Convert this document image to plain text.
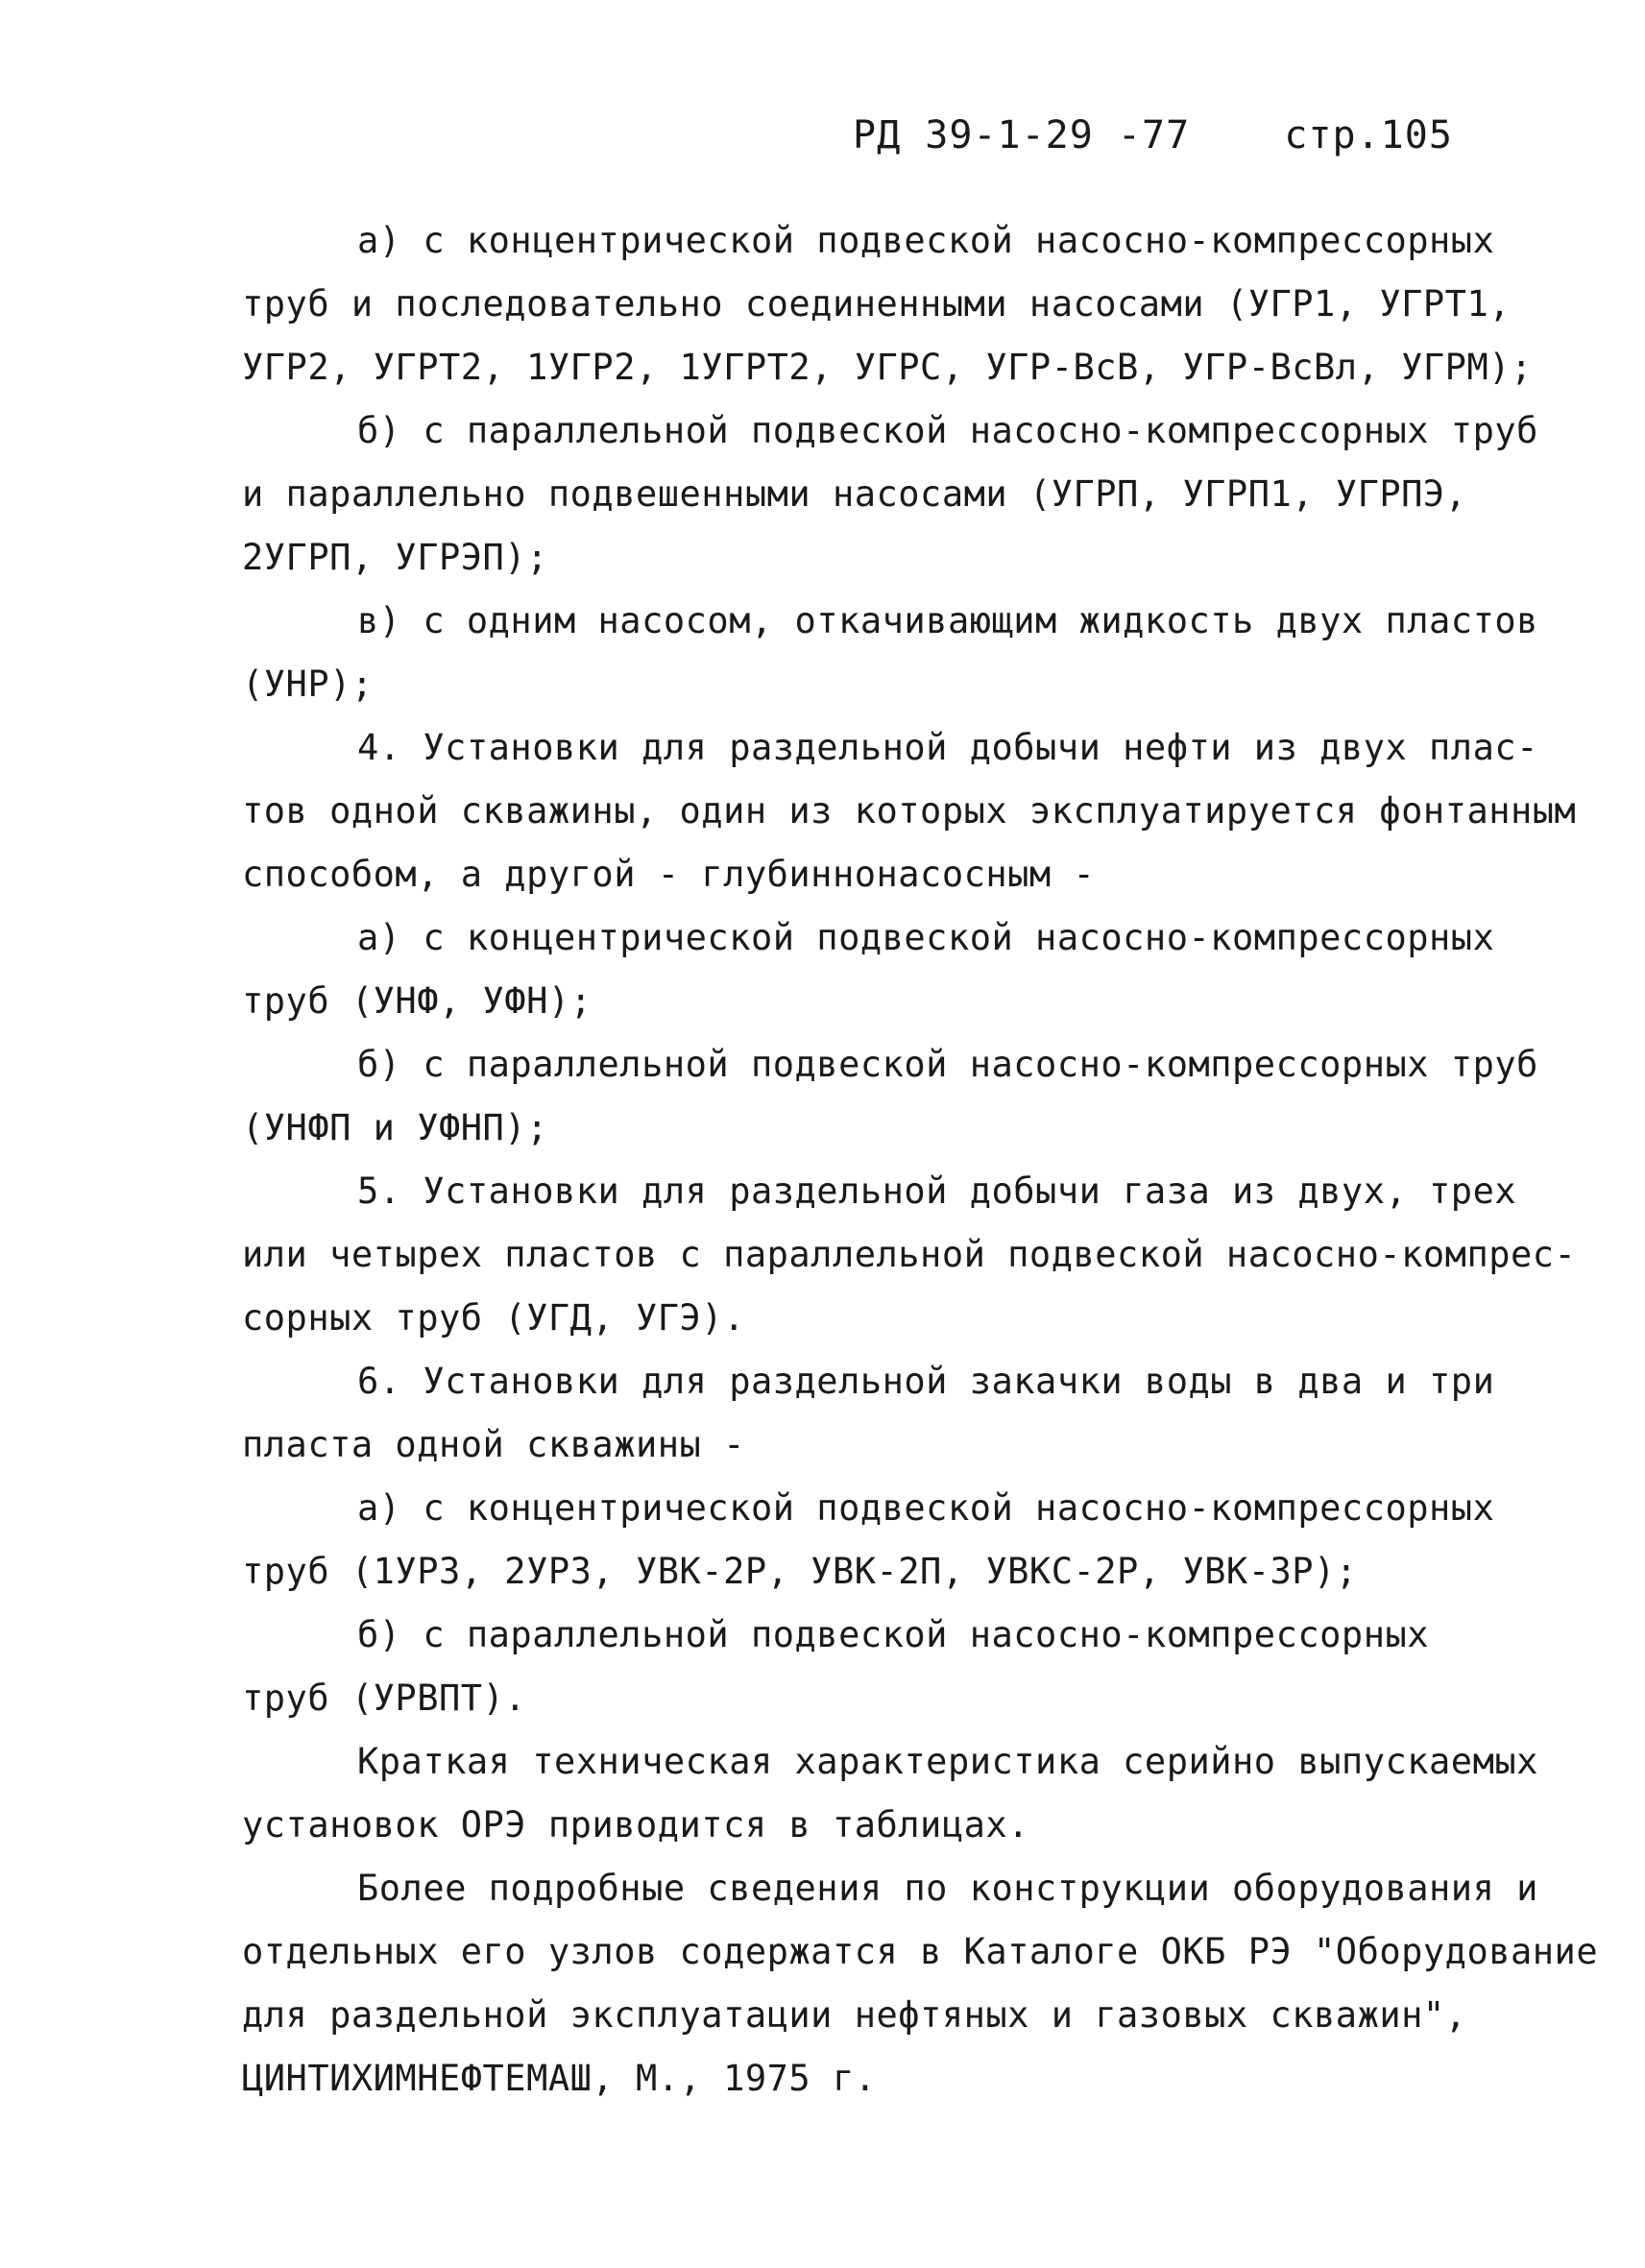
РД 39-1-29 -77 стр.105
а) с концентрической подвеской насосно-компрессорных
труб и последовательно соединенными насосами (УГР1, УГРТ1,
УГР2, УГРТ2, 1УГР2, 1УГРТ2, УГРС, УГР-ВсВ, УГР-ВсВл, УГРМ);
б) с параллельной подвеской насосно-компрессорных труб
и параллельно подвешенными насосами (УГРП, УГРП1, УГРПЭ,
2УГРП, УГРЭП);
в) с одним насосом, откачивающим жидкость двух пластов
(УНР);
4. Установки для раздельной добычи нефти из двух плас-
тов одной скважины, один из которых эксплуатируется фонтанным
способом, а другой - глубиннонасосным -
а) с концентрической подвеской насосно-компрессорных
труб (УНФ, УФН);
б) с параллельной подвеской насосно-компрессорных труб
(УНФП и УФНП);
5. Установки для раздельной добычи газа из двух, трех
или четырех пластов с параллельной подвеской насосно-компрес-
сорных труб (УГД, УГЭ).
6. Установки для раздельной закачки воды в два и три
пласта одной скважины -
а) с концентрической подвеской насосно-компрессорных
труб (1УРЗ, 2УРЗ, УВК-2Р, УВК-2П, УВКС-2Р, УВК-3Р);
б) с параллельной подвеской насосно-компрессорных
труб (УРВПТ).
Краткая техническая характеристика серийно выпускаемых
установок ОРЭ приводится в таблицах.
Более подробные сведения по конструкции оборудования и
отдельных его узлов содержатся в Каталоге ОКБ РЭ "Оборудование
для раздельной эксплуатации нефтяных и газовых скважин",
ЦИНТИХИМНЕФТЕМАШ, М., 1975 г.
